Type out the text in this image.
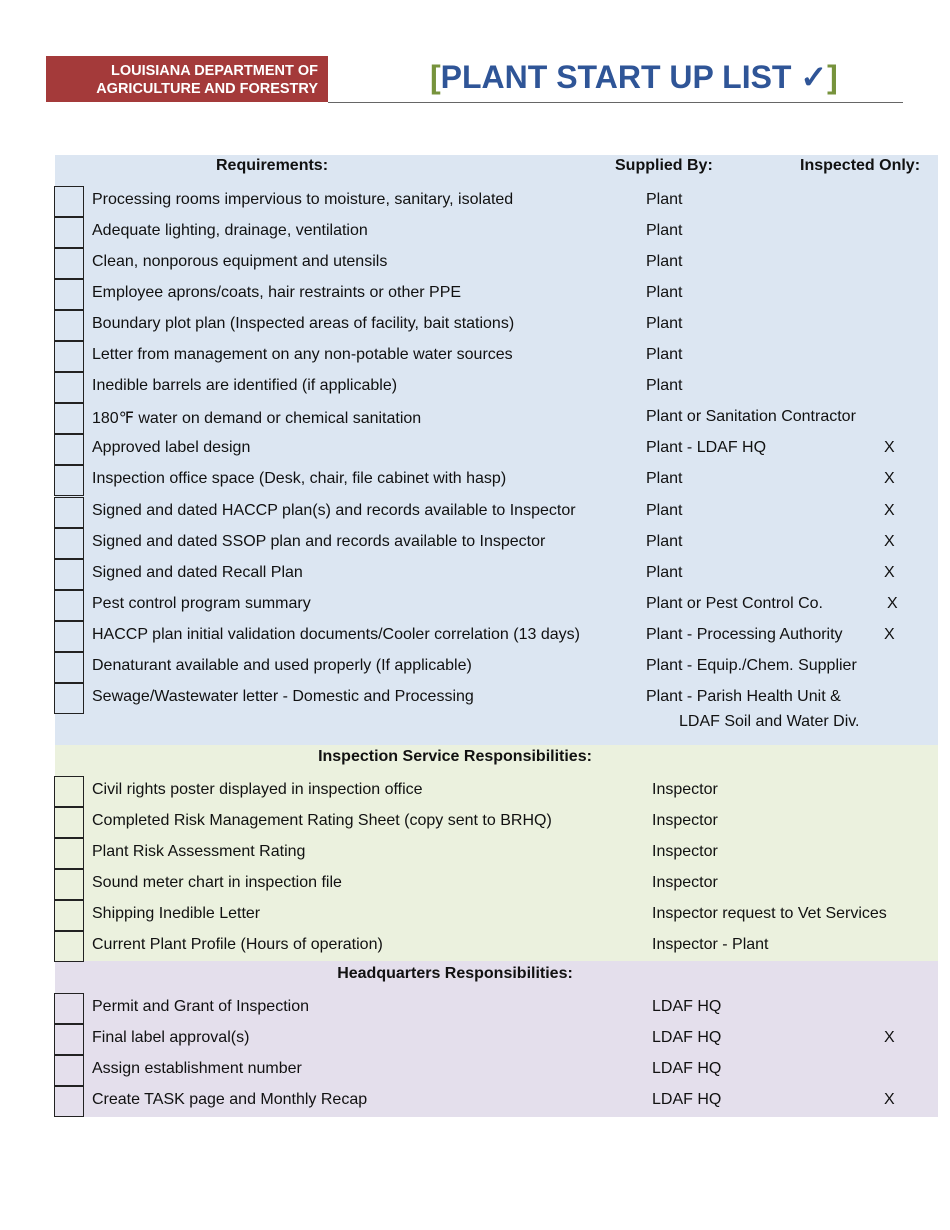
LOUISIANA DEPARTMENT OF
AGRICULTURE AND FORESTRY	[PLANT START UP LIST ✓]
Requirements:	Supplied By:	Inspected Only:
Processing rooms impervious to moisture, sanitary, isolated	Plant
Adequate lighting, drainage, ventilation	Plant
Clean, nonporous equipment and utensils	Plant
Employee aprons/coats, hair restraints or other PPE	Plant
Boundary plot plan (Inspected areas of facility, bait stations)	Plant
Letter from management on any non-potable water sources	Plant
Inedible barrels are identified (if applicable)	Plant
180℉ water on demand or chemical sanitation	Plant or Sanitation Contractor
Approved label design	Plant - LDAF HQ	X
Inspection office space (Desk, chair, file cabinet with hasp)	Plant	X
Signed and dated HACCP plan(s) and records available to Inspector	Plant	X
Signed and dated SSOP plan and records available to Inspector	Plant	X
Signed and dated Recall Plan	Plant	X
Pest control program summary	Plant or Pest Control Co.	X
HACCP plan initial validation documents/Cooler correlation (13 days)	Plant - Processing Authority	X
Denaturant available and used properly (If applicable)	Plant - Equip./Chem. Supplier
Sewage/Wastewater letter - Domestic and Processing	Plant - Parish Health Unit &
LDAF Soil and Water Div.
Inspection Service Responsibilities:
Civil rights poster displayed in inspection office	Inspector
Completed Risk Management Rating Sheet (copy sent to BRHQ)	Inspector
Plant Risk Assessment Rating	Inspector
Sound meter chart in inspection file	Inspector
Shipping Inedible Letter	Inspector request to Vet Services
Current Plant Profile (Hours of operation)	Inspector - Plant
Headquarters Responsibilities:
Permit and Grant of Inspection	LDAF HQ
Final label approval(s)	LDAF HQ	X
Assign establishment number	LDAF HQ
Create TASK page and Monthly Recap	LDAF HQ	X
